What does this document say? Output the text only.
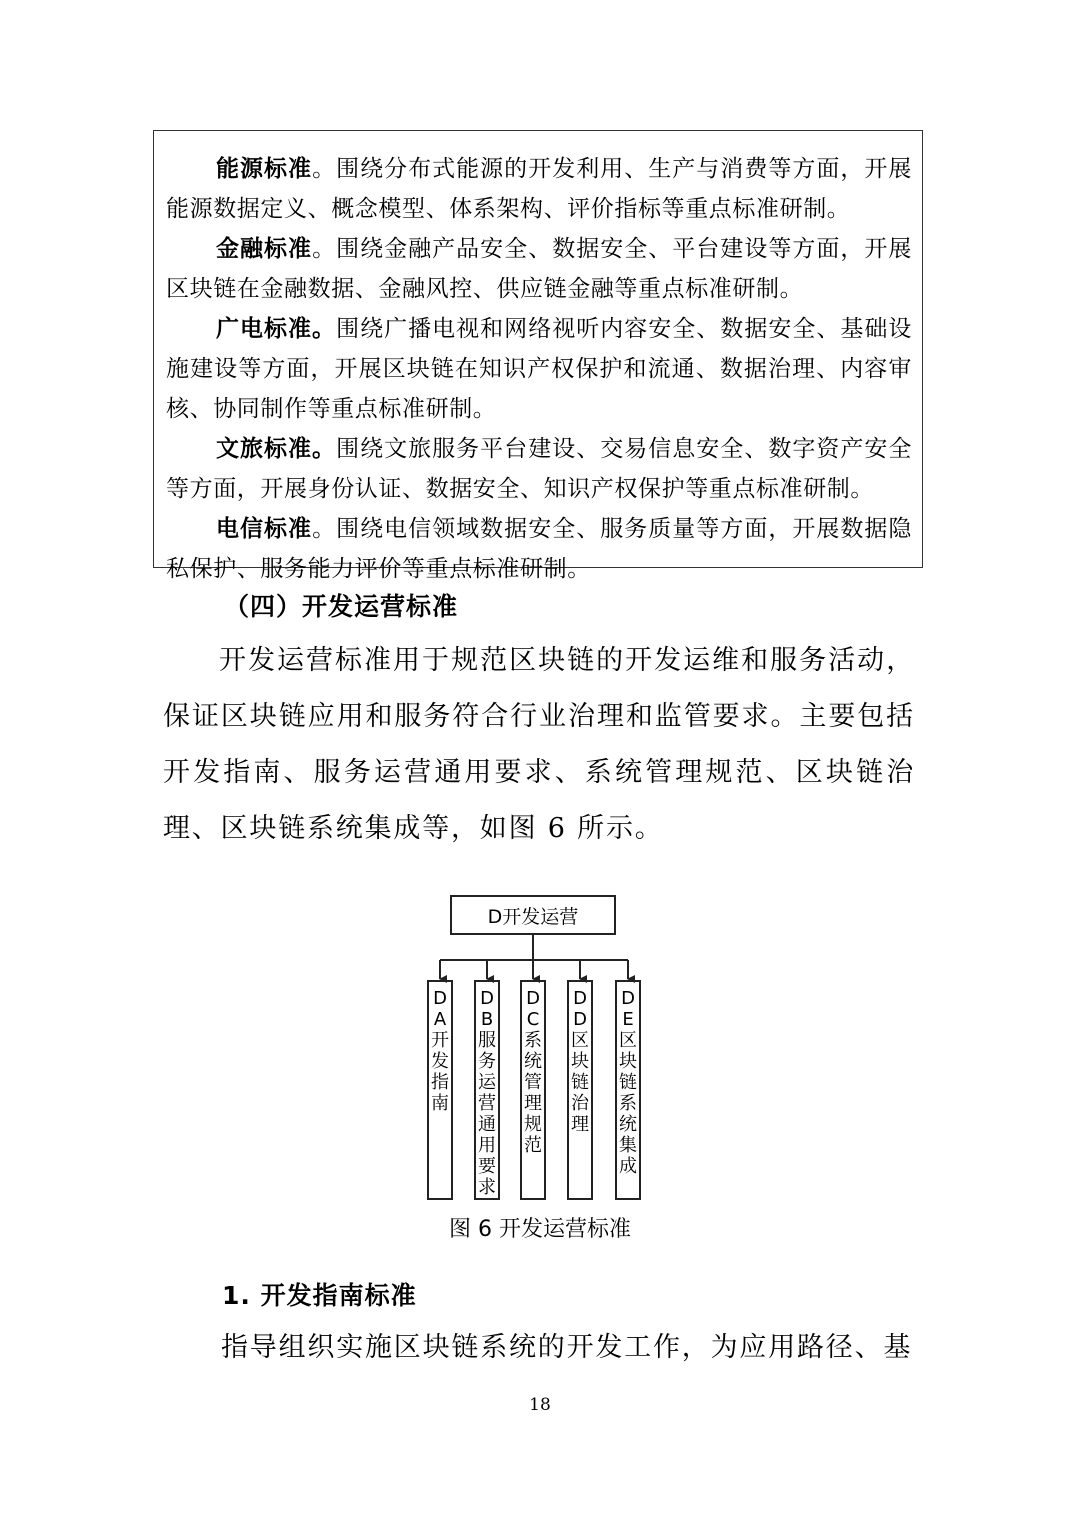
能源标准。围绕分布式能源的开发利用、生产与消费等方面，开展能源数据定义、概念模型、体系架构、评价指标等重点标准研制。

金融标准。围绕金融产品安全、数据安全、平台建设等方面，开展区块链在金融数据、金融风控、供应链金融等重点标准研制。

广电标准。围绕广播电视和网络视听内容安全、数据安全、基础设施建设等方面，开展区块链在知识产权保护和流通、数据治理、内容审核、协同制作等重点标准研制。

文旅标准。围绕文旅服务平台建设、交易信息安全、数字资产安全等方面，开展身份认证、数据安全、知识产权保护等重点标准研制。

电信标准。围绕电信领域数据安全、服务质量等方面，开展数据隐私保护、服务能力评价等重点标准研制。

（四）开发运营标准

开发运营标准用于规范区块链的开发运维和服务活动，保证区块链应用和服务符合行业治理和监管要求。主要包括开发指南、服务运营通用要求、系统管理规范、区块链治理、区块链系统集成等，如图 6 所示。

D开发运营
DA开发指南
DB服务运营通用要求
DC系统管理规范
DD区块链治理
DE区块链系统集成

图 6 开发运营标准

1. 开发指南标准

指导组织实施区块链系统的开发工作，为应用路径、基

18
